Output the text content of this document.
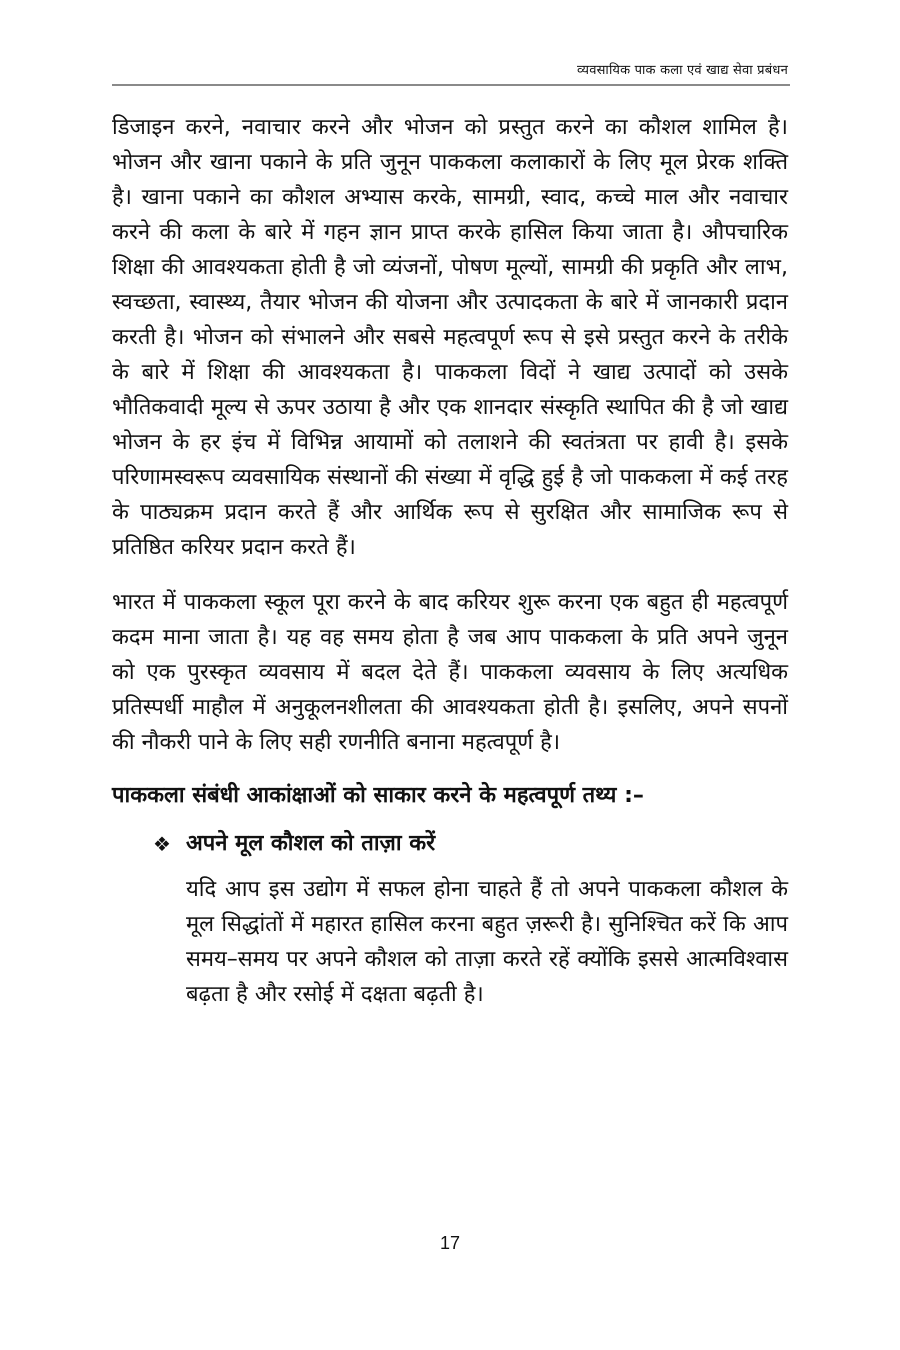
व्यवसायिक पाक कला एवं खाद्य सेवा प्रबंधन

डिजाइन करने, नवाचार करने और भोजन को प्रस्तुत करने का कौशल शामिल है। भोजन और खाना पकाने के प्रति जुनून पाककला कलाकारों के लिए मूल प्रेरक शक्ति है। खाना पकाने का कौशल अभ्यास करके, सामग्री, स्वाद, कच्चे माल और नवाचार करने की कला के बारे में गहन ज्ञान प्राप्त करके हासिल किया जाता है। औपचारिक शिक्षा की आवश्यकता होती है जो व्यंजनों, पोषण मूल्यों, सामग्री की प्रकृति और लाभ, स्वच्छता, स्वास्थ्य, तैयार भोजन की योजना और उत्पादकता के बारे में जानकारी प्रदान करती है। भोजन को संभालने और सबसे महत्वपूर्ण रूप से इसे प्रस्तुत करने के तरीके के बारे में शिक्षा की आवश्यकता है। पाककला विदों ने खाद्य उत्पादों को उसके भौतिकवादी मूल्य से ऊपर उठाया है और एक शानदार संस्कृति स्थापित की है जो खाद्य भोजन के हर इंच में विभिन्न आयामों को तलाशने की स्वतंत्रता पर हावी है। इसके परिणामस्वरूप व्यवसायिक संस्थानों की संख्या में वृद्धि हुई है जो पाककला में कई तरह के पाठ्यक्रम प्रदान करते हैं और आर्थिक रूप से सुरक्षित और सामाजिक रूप से प्रतिष्ठित करियर प्रदान करते हैं।

भारत में पाककला स्कूल पूरा करने के बाद करियर शुरू करना एक बहुत ही महत्वपूर्ण कदम माना जाता है। यह वह समय होता है जब आप पाककला के प्रति अपने जुनून को एक पुरस्कृत व्यवसाय में बदल देते हैं। पाककला व्यवसाय के लिए अत्यधिक प्रतिस्पर्धी माहौल में अनुकूलनशीलता की आवश्यकता होती है। इसलिए, अपने सपनों की नौकरी पाने के लिए सही रणनीति बनाना महत्वपूर्ण है।

पाककला संबंधी आकांक्षाओं को साकार करने के महत्वपूर्ण तथ्य :–
❖ अपने मूल कौशल को ताज़ा करें

यदि आप इस उद्योग में सफल होना चाहते हैं तो अपने पाककला कौशल के मूल सिद्धांतों में महारत हासिल करना बहुत ज़रूरी है। सुनिश्चित करें कि आप समय–समय पर अपने कौशल को ताज़ा करते रहें क्योंकि इससे आत्मविश्वास बढ़ता है और रसोई में दक्षता बढ़ती है।

17
